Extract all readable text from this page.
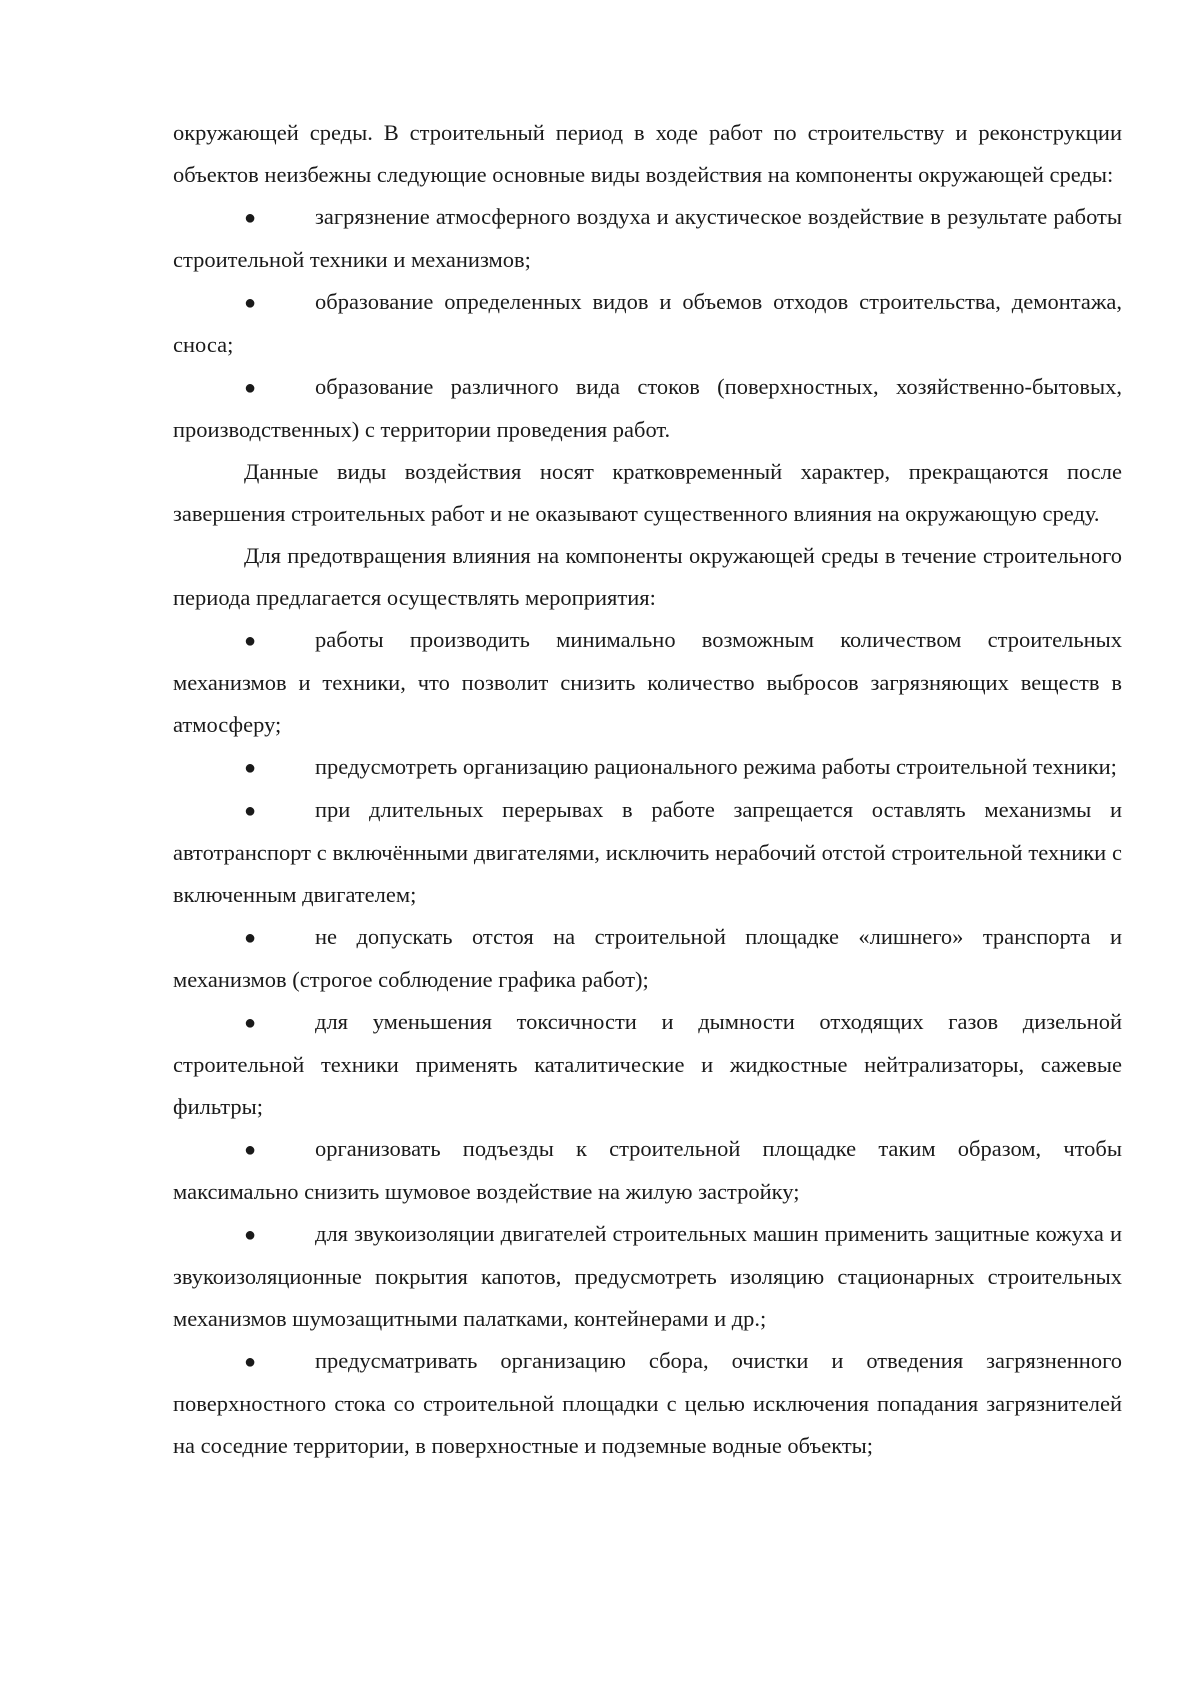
окружающей среды. В строительный период в ходе работ по строительству и реконструкции объектов неизбежны следующие основные виды воздействия на компоненты окружающей среды:

●	загрязнение атмосферного воздуха и акустическое воздействие в результате работы строительной техники и механизмов;

●	образование определенных видов и объемов отходов строительства, демонтажа, сноса;

●	образование различного вида стоков (поверхностных, хозяйственно-бытовых, производственных) с территории проведения работ.

Данные виды воздействия носят кратковременный характер, прекращаются после завершения строительных работ и не оказывают существенного влияния на окружающую среду.

Для предотвращения влияния на компоненты окружающей среды в течение строительного периода предлагается осуществлять мероприятия:

●	работы производить минимально возможным количеством строительных механизмов и техники, что позволит снизить количество выбросов загрязняющих веществ в атмосферу;

●	предусмотреть организацию рационального режима работы строительной техники;

●	при длительных перерывах в работе запрещается оставлять механизмы и автотранспорт с включёнными двигателями, исключить нерабочий отстой строительной техники с включенным двигателем;

●	не допускать отстоя на строительной площадке «лишнего» транспорта и механизмов (строгое соблюдение графика работ);

●	для уменьшения токсичности и дымности отходящих газов дизельной строительной техники применять каталитические и жидкостные нейтрализаторы, сажевые фильтры;

●	организовать подъезды к строительной площадке таким образом, чтобы максимально снизить шумовое воздействие на жилую застройку;

●	для звукоизоляции двигателей строительных машин применить защитные кожуха и звукоизоляционные покрытия капотов, предусмотреть изоляцию стационарных строительных механизмов шумозащитными палатками, контейнерами и др.;

●	предусматривать организацию сбора, очистки и отведения загрязненного поверхностного стока со строительной площадки с целью исключения попадания загрязнителей на соседние территории, в поверхностные и подземные водные объекты;
